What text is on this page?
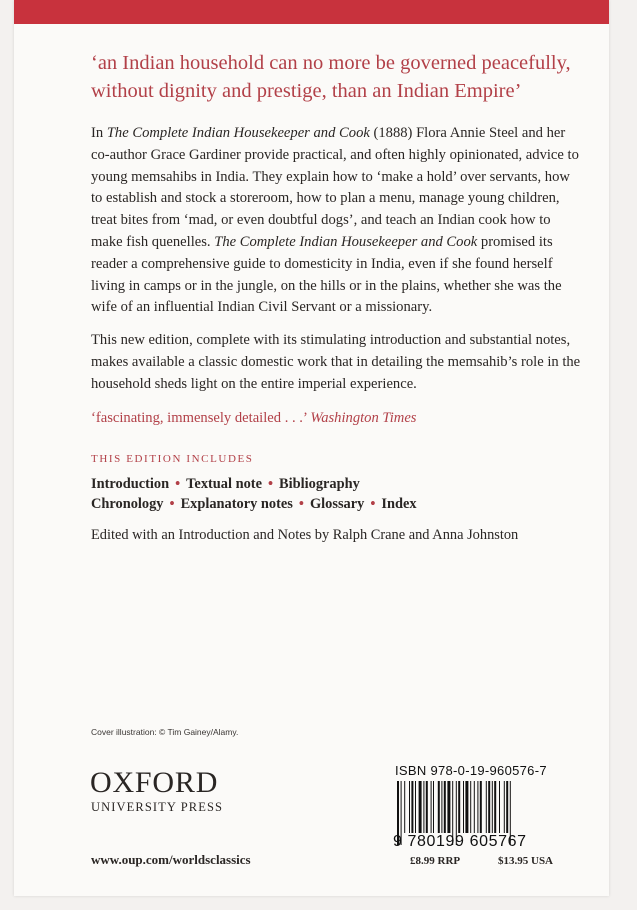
‘an Indian household can no more be governed peacefully, without dignity and prestige, than an Indian Empire’
In The Complete Indian Housekeeper and Cook (1888) Flora Annie Steel and her co-author Grace Gardiner provide practical, and often highly opinionated, advice to young memsahibs in India. They explain how to ‘make a hold’ over servants, how to establish and stock a storeroom, how to plan a menu, manage young children, treat bites from ‘mad, or even doubtful dogs’, and teach an Indian cook how to make fish quenelles. The Complete Indian Housekeeper and Cook promised its reader a comprehensive guide to domesticity in India, even if she found herself living in camps or in the jungle, on the hills or in the plains, whether she was the wife of an influential Indian Civil Servant or a missionary.
This new edition, complete with its stimulating introduction and substantial notes, makes available a classic domestic work that in detailing the memsahib’s role in the household sheds light on the entire imperial experience.
‘fascinating, immensely detailed . . .’ Washington Times
THIS EDITION INCLUDES
Introduction • Textual note • Bibliography
Chronology • Explanatory notes • Glossary • Index
Edited with an Introduction and Notes by Ralph Crane and Anna Johnston
Cover illustration: © Tim Gainey/Alamy.
OXFORD
UNIVERSITY PRESS
www.oup.com/worldsclassics
ISBN 978-0-19-960576-7
9 780199 605767
£8.99 RRP	$13.95 USA
